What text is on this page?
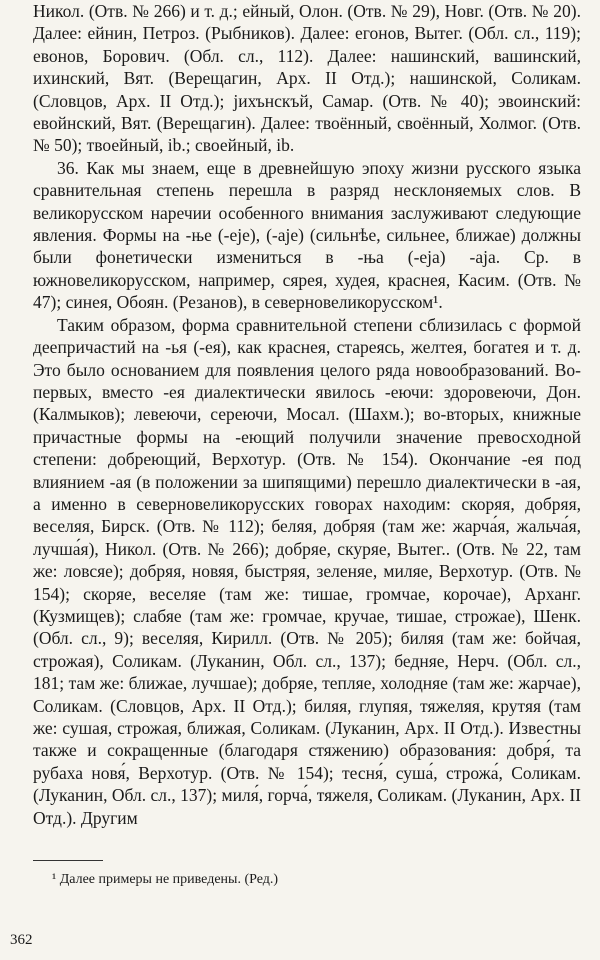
Никол. (Отв. № 266) и т. д.; ейный, Олон. (Отв. № 29), Новг. (Отв. № 20). Далее: ейнин, Петроз. (Рыбников). Далее: егонов, Вытег. (Обл. сл., 119); евонов, Борович. (Обл. сл., 112). Далее: нашинский, вашинский, ихинский, Вят. (Верещагин, Арх. II Отд.); нашинской, Соликам. (Словцов, Арх. II Отд.); jихънскъй, Самар. (Отв. № 40); эвоинский: евойнский, Вят. (Верещагин). Далее: твоённый, своённый, Холмог. (Отв. № 50); твоейный, ib.; своейный, ib.

36. Как мы знаем, еще в древнейшую эпоху жизни русского языка сравнительная степень перешла в разряд несклоняемых слов. В великорусском наречии особенного внимания заслуживают следующие явления. Формы на -ње (-eje), (-aje) (сильнѣе, сильнее, ближае) должны были фонетически измениться в -ња (-eja) -aja. Ср. в южновеликорусском, например, сярея, худея, краснея, Касим. (Отв. № 47); синея, Обоян. (Резанов), в северновеликорусском¹.

Таким образом, форма сравнительной степени сблизилась с формой деепричастий на -ья (-ея), как краснея, стареясь, желтея, богатея и т. д. Это было основанием для появления целого ряда новообразований. Во-первых, вместо -ея диалектически явилось -еючи: здоровеючи, Дон. (Калмыков); левеючи, сереючи, Мосал. (Шахм.); во-вторых, книжные причастные формы на -еющий получили значение превосходной степени: добреющий, Верхотур. (Отв. № 154). Окончание -ея под влиянием -ая (в положении за шипящими) перешло диалектически в -ая, а именно в северновеликорусских говорах находим: скоряя, добряя, веселяя, Бирск. (Отв. № 112); беляя, добряя (там же: жарча́я, жальча́я, лучша́я), Никол. (Отв. № 266); добряе, скуряе, Вытег.. (Отв. № 22, там же: ловсяе); добряя, новяя, быстряя, зеленяе, миляе, Верхотур. (Отв. № 154); скоряе, веселяе (там же: тишае, громчае, корочае), Арханг. (Кузмищев); слабяе (там же: громчае, кручае, тишае, строжае), Шенк. (Обл. сл., 9); веселяя, Кирилл. (Отв. № 205); биляя (там же: бойчая, строжая), Соликам. (Луканин, Обл. сл., 137); бедняе, Нерч. (Обл. сл., 181; там же: ближае, лучшае); добряе, тепляе, холодняе (там же: жарчае), Соликам. (Словцов, Арх. II Отд.); биляя, глупяя, тяжеляя, крутяя (там же: сушая, строжая, ближая, Соликам. (Луканин, Арх. II Отд.). Известны также и сокращенные (благодаря стяжению) образования: добря́, та рубаха новя́, Верхотур. (Отв. № 154); тесня́, суша́, строжа́, Соликам. (Луканин, Обл. сл., 137); миля́, горча́, тяжеля, Соликам. (Луканин, Арх. II Отд.). Другим

¹ Далее примеры не приведены. (Ред.)
362
